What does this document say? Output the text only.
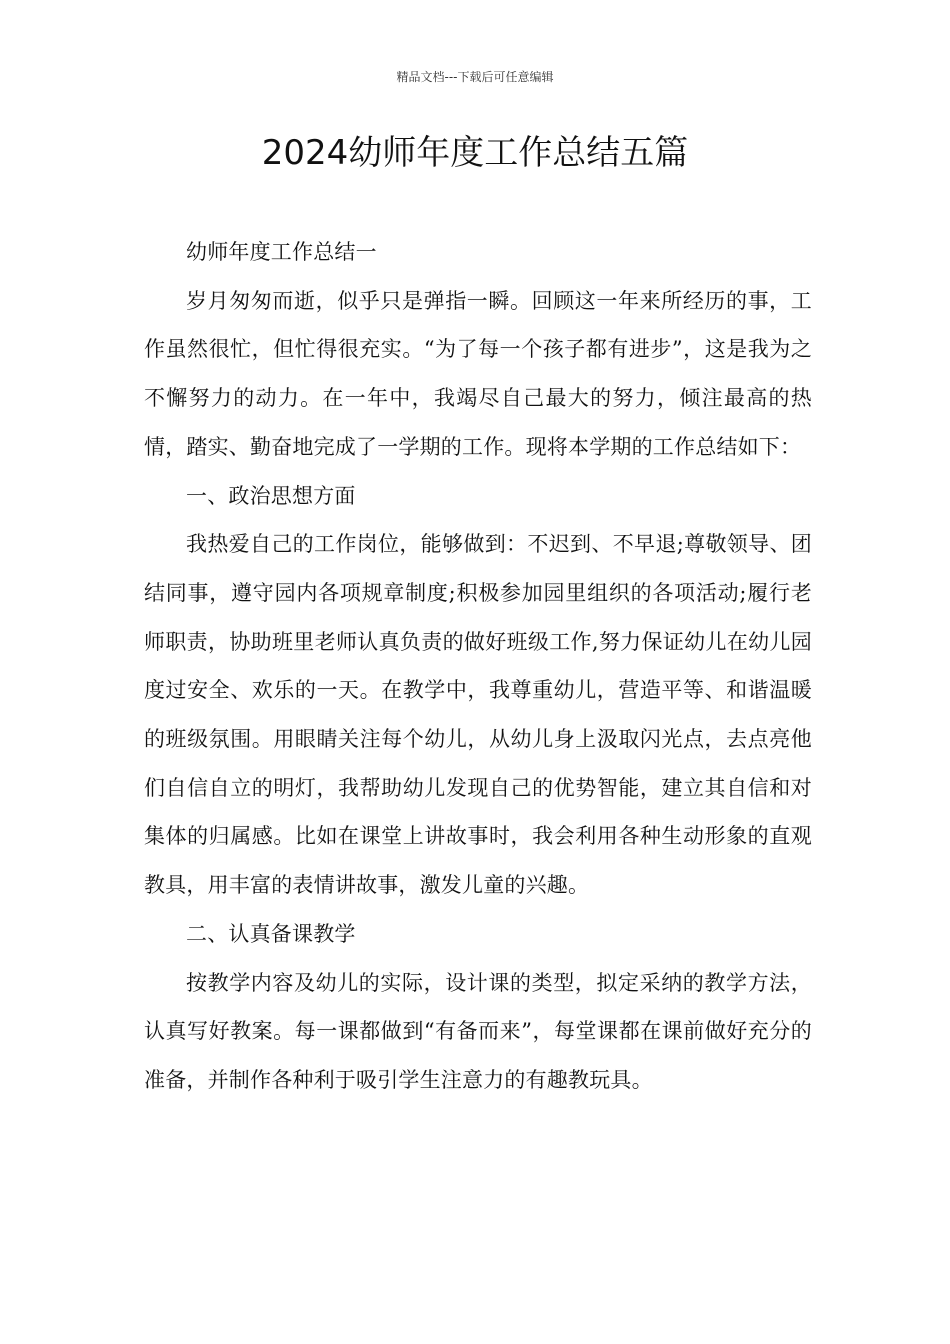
精品文档---下载后可任意编辑
2024幼师年度工作总结五篇

幼师年度工作总结一

岁月匆匆而逝，似乎只是弹指一瞬。回顾这一年来所经历的事，工作虽然很忙，但忙得很充实。“为了每一个孩子都有进步”，这是我为之不懈努力的动力。在一年中，我竭尽自己最大的努力，倾注最高的热情，踏实、勤奋地完成了一学期的工作。现将本学期的工作总结如下：

一、政治思想方面

我热爱自己的工作岗位，能够做到：不迟到、不早退;尊敬领导、团结同事，遵守园内各项规章制度;积极参加园里组织的各项活动;履行老师职责，协助班里老师认真负责的做好班级工作,努力保证幼儿在幼儿园度过安全、欢乐的一天。在教学中，我尊重幼儿，营造平等、和谐温暖的班级氛围。用眼睛关注每个幼儿，从幼儿身上汲取闪光点，去点亮他们自信自立的明灯，我帮助幼儿发现自己的优势智能，建立其自信和对集体的归属感。比如在课堂上讲故事时，我会利用各种生动形象的直观教具，用丰富的表情讲故事，激发儿童的兴趣。

二、认真备课教学

按教学内容及幼儿的实际，设计课的类型，拟定采纳的教学方法，认真写好教案。每一课都做到“有备而来”，每堂课都在课前做好充分的准备，并制作各种利于吸引学生注意力的有趣教玩具。
